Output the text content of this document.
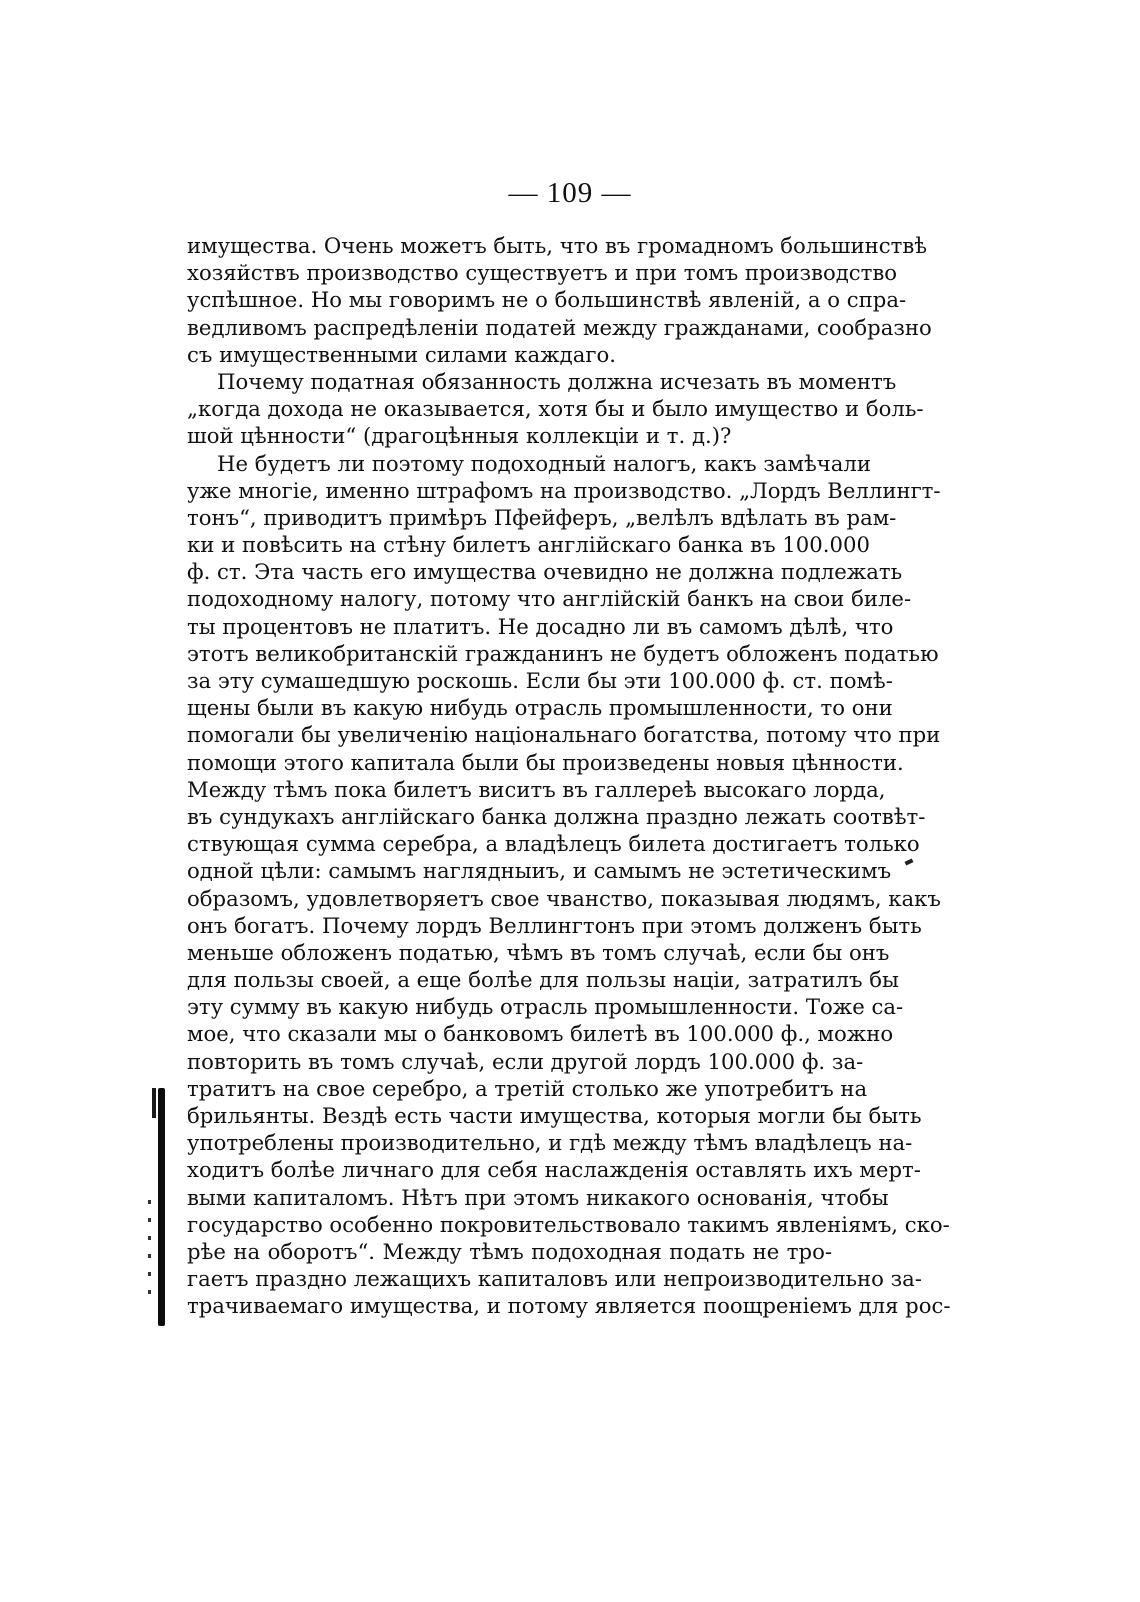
— 109 —
имущества. Очень можетъ быть, что въ громадномъ большинствѣ
хозяйствъ производство существуетъ и при томъ производство
успѣшное. Но мы говоримъ не о большинствѣ явленій, а о спра-
ведливомъ распредѣленіи податей между гражданами, сообразно
съ имущественными силами каждаго.
Почему податная обязанность должна исчезать въ моментъ
„когда дохода не оказывается, хотя бы и было имущество и боль-
шой цѣнности“ (драгоцѣнныя коллекціи и т. д.)?
Не будетъ ли поэтому подоходный налогъ, какъ замѣчали
уже многіе, именно штрафомъ на производство. „Лордъ Веллингт-
тонъ“, приводитъ примѣръ Пфейферъ, „велѣлъ вдѣлать въ рам-
ки и повѣсить на стѣну билетъ англійскаго банка въ 100.000
ф. ст. Эта часть его имущества очевидно не должна подлежать
подоходному налогу, потому что англійскій банкъ на свои биле-
ты процентовъ не платитъ. Не досадно ли въ самомъ дѣлѣ, что
этотъ великобританскій гражданинъ не будетъ обложенъ податью
за эту сумашедшую роскошь. Если бы эти 100.000 ф. ст. помѣ-
щены были въ какую нибудь отрасль промышленности, то они
помогали бы увеличенію національнаго богатства, потому что при
помощи этого капитала были бы произведены новыя цѣнности.
Между тѣмъ пока билетъ виситъ въ галлереѣ высокаго лорда,
въ сундукахъ англійскаго банка должна праздно лежать соотвѣт-
ствующая сумма серебра, а владѣлецъ билета достигаетъ только
одной цѣли: самымъ наглядныиъ, и самымъ не эстетическимъ
образомъ, удовлетворяетъ свое чванство, показывая людямъ, какъ
онъ богатъ. Почему лордъ Веллингтонъ при этомъ долженъ быть
меньше обложенъ податью, чѣмъ въ томъ случаѣ, если бы онъ
для пользы своей, а еще болѣе для пользы націи, затратилъ бы
эту сумму въ какую нибудь отрасль промышленности. Тоже са-
мое, что сказали мы о банковомъ билетѣ въ 100.000 ф., можно
повторить въ томъ случаѣ, если другой лордъ 100.000 ф. за-
тратитъ на свое серебро, а третій столько же употребитъ на
брильянты. Вездѣ есть части имущества, которыя могли бы быть
употреблены производительно, и гдѣ между тѣмъ владѣлецъ на-
ходитъ болѣе личнаго для себя наслажденія оставлять ихъ мерт-
выми капиталомъ. Нѣтъ при этомъ никакого основанія, чтобы
государство особенно покровительствовало такимъ явленіямъ, ско-
рѣе на оборотъ“. Между тѣмъ подоходная подать не тро-
гаетъ праздно лежащихъ капиталовъ или непроизводительно за-
трачиваемаго имущества, и потому является поощреніемъ для рос-
